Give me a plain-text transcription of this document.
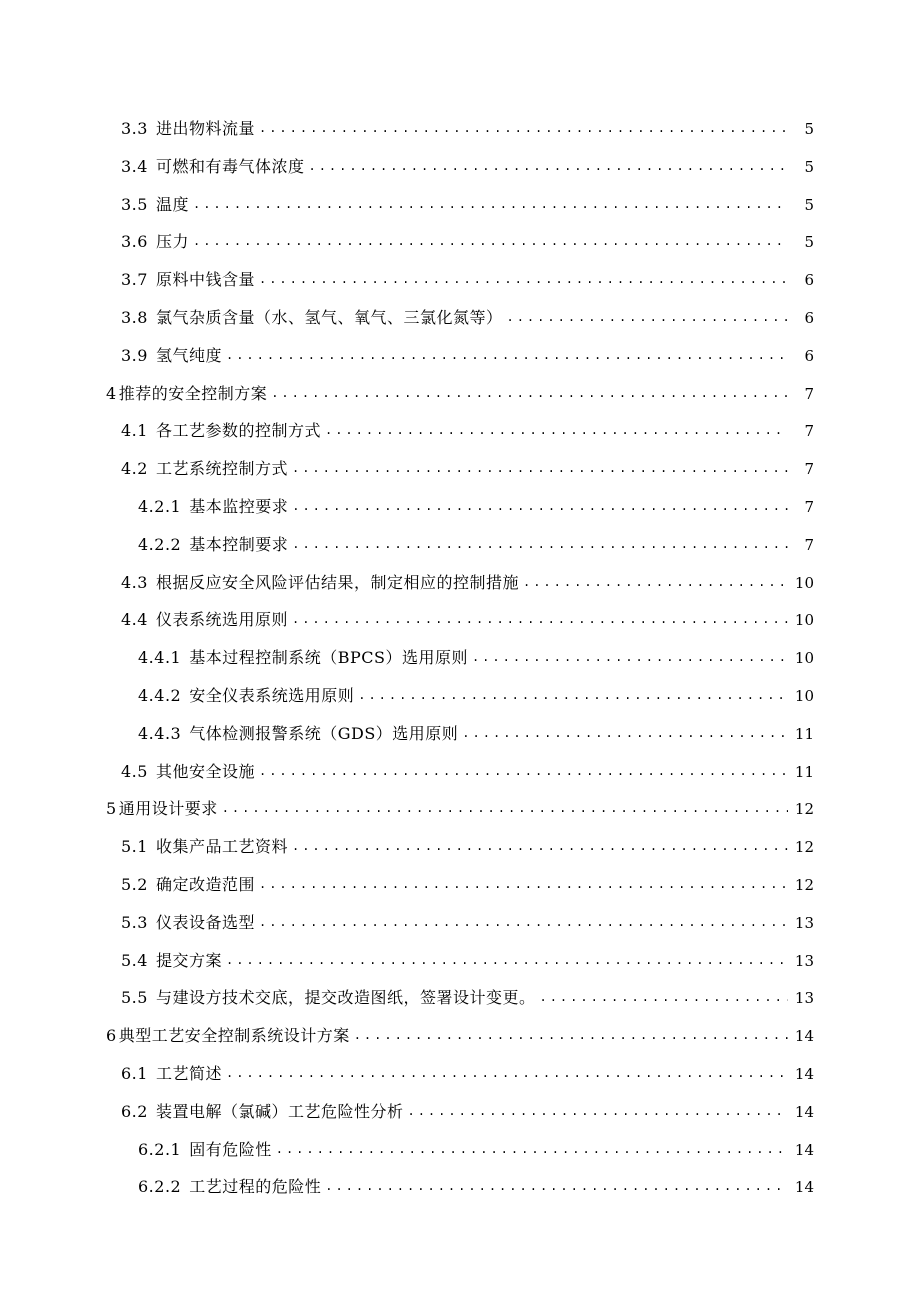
3.3 进出物料流量 .....	5
3.4 可燃和有毒气体浓度 .....	5
3.5 温度 .....	5
3.6 压力 .....	5
3.7 原料中钱含量 .....	6
3.8 氯气杂质含量（水、氢气、氧气、三氯化氮等） .....	6
3.9 氢气纯度 .....	6
4 推荐的安全控制方案 .....	7
4.1 各工艺参数的控制方式 .....	7
4.2 工艺系统控制方式 .....	7
4.2.1 基本监控要求 .....	7
4.2.2 基本控制要求 .....	7
4.3 根据反应安全风险评估结果，制定相应的控制措施 .....	10
4.4 仪表系统选用原则 .....	10
4.4.1 基本过程控制系统（BPCS）选用原则 .....	10
4.4.2 安全仪表系统选用原则 .....	10
4.4.3 气体检测报警系统（GDS）选用原则 .....	11
4.5 其他安全设施 .....	11
5 通用设计要求 .....	12
5.1 收集产品工艺资料 .....	12
5.2 确定改造范围 .....	12
5.3 仪表设备选型 .....	13
5.4 提交方案 .....	13
5.5 与建设方技术交底，提交改造图纸，签署设计变更。 .....	13
6 典型工艺安全控制系统设计方案 .....	14
6.1 工艺简述 .....	14
6.2 装置电解（氯碱）工艺危险性分析 .....	14
6.2.1 固有危险性 .....	14
6.2.2 工艺过程的危险性 .....	14
